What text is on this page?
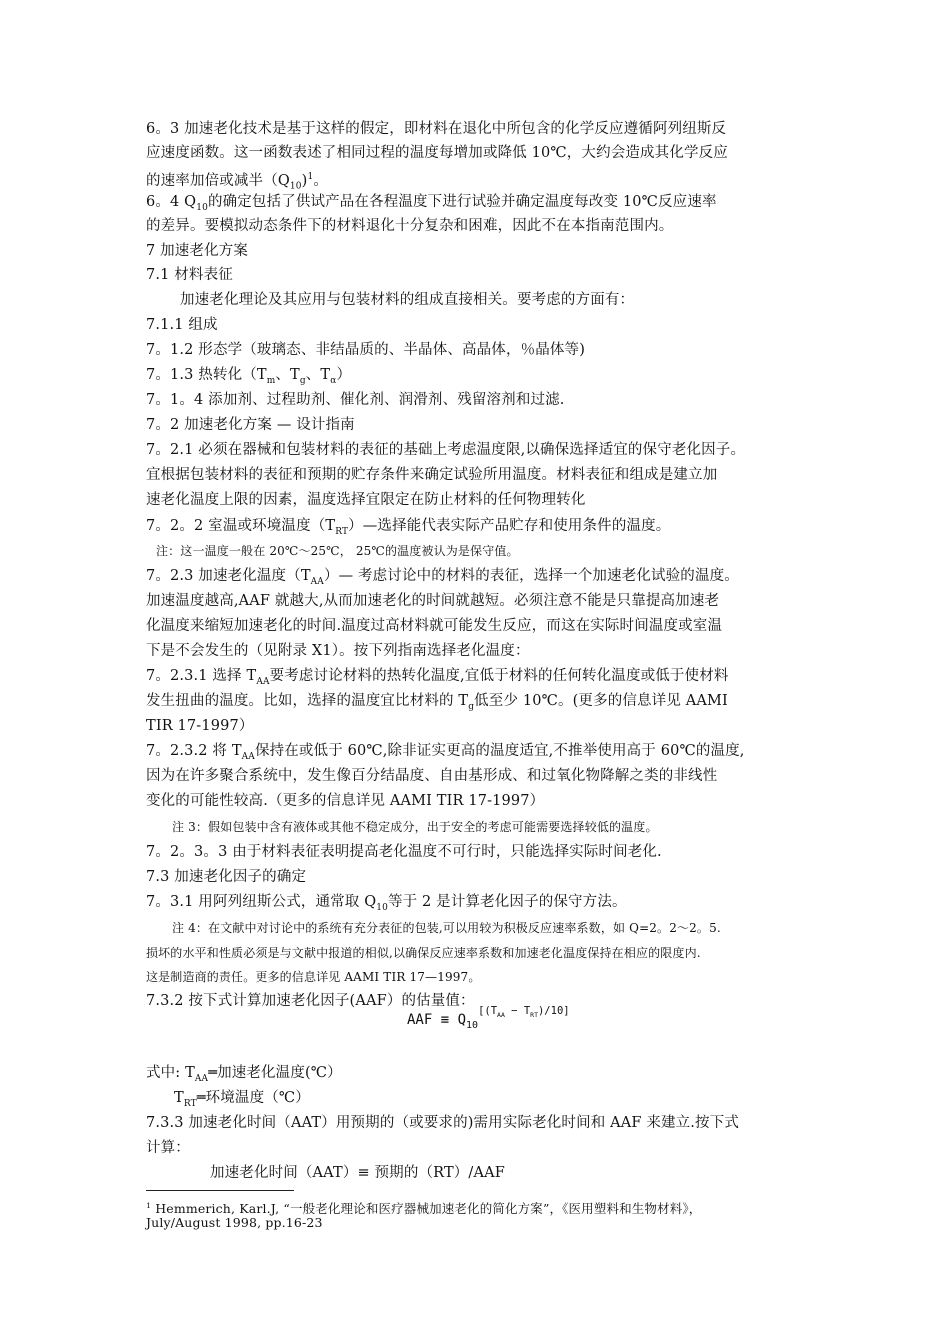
AAF ≡ $Q_{10}[(TAA - TRT)/10]$
6。3 加速老化技术是基于这样的假定，即材料在退化中所包含的化学反应遵循阿列纽斯反
应速度函数。这一函数表述了相同过程的温度每增加或降低 10℃，大约会造成其化学反应
的速率加倍或减半$(Q_{10})^1$。
6。4 $Q_{10}$的确定包括了供试产品在各程温度下进行试验并确定温度每改变 10℃反应速率
的差异。要模拟动态条件下的材料退化十分复杂和困难，因此不在本指南范围内。
7 加速老化方案
7.1 材料表征
加速老化理论及其应用与包装材料的组成直接相关。要考虑的方面有：
7.1.1 组成
7。1.2 形态学（玻璃态、非结晶质的、半晶体、高晶体，％晶体等)
7。1.3 热转化（$T_m$、$T_g$、$T_\alpha$）
7。1。4 添加剂、过程助剂、催化剂、润滑剂、残留溶剂和过滤.
7。2 加速老化方案 — 设计指南
7。2.1 必须在器械和包装材料的表征的基础上考虑温度限,以确保选择适宜的保守老化因子。
宜根据包装材料的表征和预期的贮存条件来确定试验所用温度。材料表征和组成是建立加
速老化温度上限的因素，温度选择宜限定在防止材料的任何物理转化
7。2。2 室温或环境温度$(T_{RT})—$选择能代表实际产品贮存和使用条件的温度。
注：这一温度一般在 20℃～25℃， 25℃的温度被认为是保守值。
7。2.3 加速老化温度$(T_{AA})—$ 考虑讨论中的材料的表征，选择一个加速老化试验的温度。
加速温度越高,AAF 就越大,从而加速老化的时间就越短。必须注意不能是只靠提高加速老
化温度来缩短加速老化的时间.温度过高材料就可能发生反应，而这在实际时间温度或室温
下是不会发生的（见附录 X1）。按下列指南选择老化温度：
7。2.3.1 选择 $T_{AA}$要考虑讨论材料的热转化温度,宜低于材料的任何转化温度或低于使材料
发生扭曲的温度。比如，选择的温度宜比材料的 $T_g$低至少 10℃。(更多的信息详见 AAMI
TIR 17-1997）
7。2.3.2 将 $T_{AA}$保持在或低于 60℃,除非证实更高的温度适宜,不推举使用高于 60℃的温度,
因为在许多聚合系统中，发生像百分结晶度、自由基形成、和过氧化物降解之类的非线性
变化的可能性较高.（更多的信息详见 AAMI TIR 17-1997）
注 3：假如包装中含有液体或其他不稳定成分，出于安全的考虑可能需要选择较低的温度。
7。2。3。3 由于材料表征表明提高老化温度不可行时，只能选择实际时间老化.
7.3 加速老化因子的确定
7。3.1 用阿列纽斯公式，通常取 $Q_{10}$等于 2 是计算老化因子的保守方法。
注 4：在文献中对讨论中的系统有充分表征的包装,可以用较为积极反应速率系数，如 Q=2。2～2。5.
损坏的水平和性质必须是与文献中报道的相似,以确保反应速率系数和加速老化温度保持在相应的限度内.
这是制造商的责任。更多的信息详见 AAMI TIR 17—1997。
7.3.2 按下式计算加速老化因子(AAF）的估量值：
式中: $T_{AA}═$加速老化温度(℃）
$T_{RT}═$环境温度（℃）
7.3.3 加速老化时间（AAT）用预期的（或要求的)需用实际老化时间和 AAF 来建立.按下式
计算：
加速老化时间（AAT）≡ 预期的（RT）/AAF
$^1$ Hemmerich, Karl.J, “一般老化理论和医疗器械加速老化的简化方案”，《医用塑料和生物材料》，
July/August 1998, pp.16-23
